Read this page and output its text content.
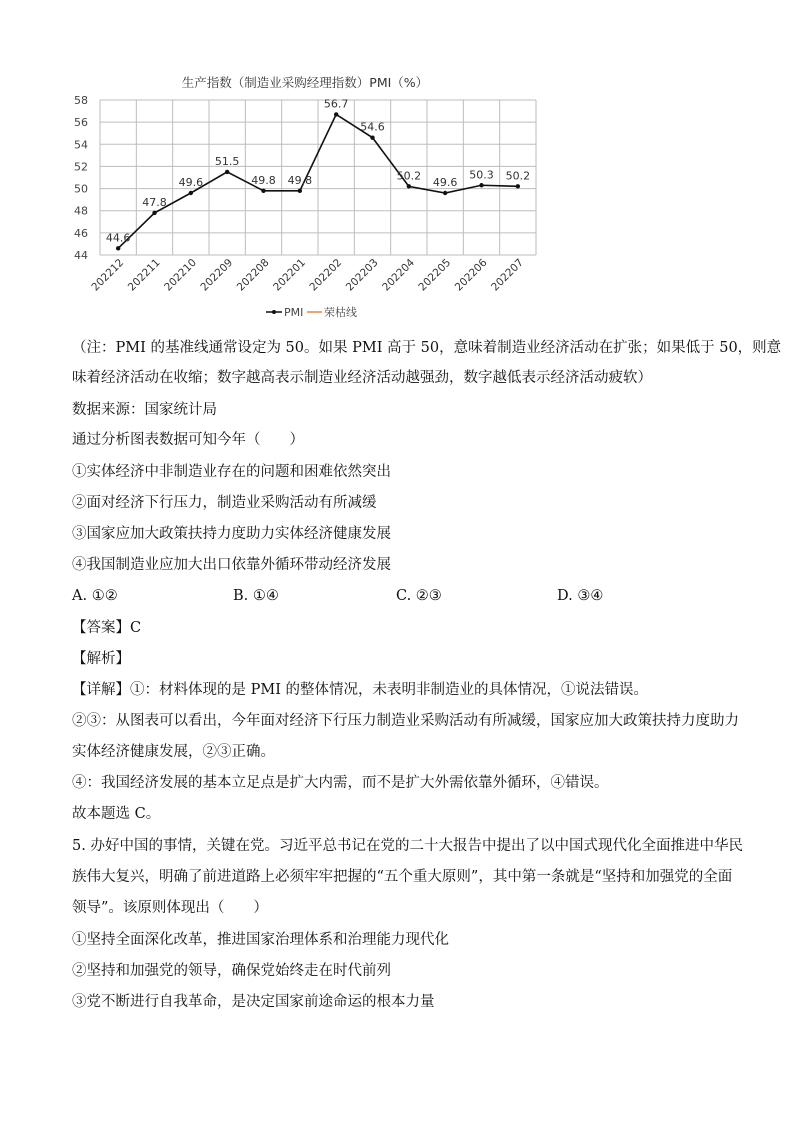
生产指数（制造业采购经理指数）PMI（%）
44
46
48
50
52
54
56
58
202212 202211 202210 202209 202208 202201 202202 202203 202204 202205 202206 202207
44.6
47.8
49.6
51.5
49.8 49.8
56.7
54.6
50.2
49.6
50.3 50.2
PMI 荣枯线
（注：PMI 的基准线通常设定为 50。如果 PMI 高于 50，意味着制造业经济活动在扩张；如果低于 50，则意
味着经济活动在收缩；数字越高表示制造业经济活动越强劲，数字越低表示经济活动疲软）
数据来源：国家统计局
通过分析图表数据可知今年（　　）
①实体经济中非制造业存在的问题和困难依然突出
②面对经济下行压力，制造业采购活动有所减缓
③国家应加大政策扶持力度助力实体经济健康发展
④我国制造业应加大出口依靠外循环带动经济发展
A. ①②	B. ①④	C. ②③	D. ③④
【答案】C
【解析】
【详解】①：材料体现的是 PMI 的整体情况，未表明非制造业的具体情况，①说法错误。
②③：从图表可以看出，今年面对经济下行压力制造业采购活动有所减缓，国家应加大政策扶持力度助力
实体经济健康发展，②③正确。
④：我国经济发展的基本立足点是扩大内需，而不是扩大外需依靠外循环，④错误。
故本题选 C。
5. 办好中国的事情，关键在党。习近平总书记在党的二十大报告中提出了以中国式现代化全面推进中华民
族伟大复兴，明确了前进道路上必须牢牢把握的“五个重大原则”，其中第一条就是“坚持和加强党的全面
领导”。该原则体现出（　　）
①坚持全面深化改革，推进国家治理体系和治理能力现代化
②坚持和加强党的领导，确保党始终走在时代前列
③党不断进行自我革命，是决定国家前途命运的根本力量
